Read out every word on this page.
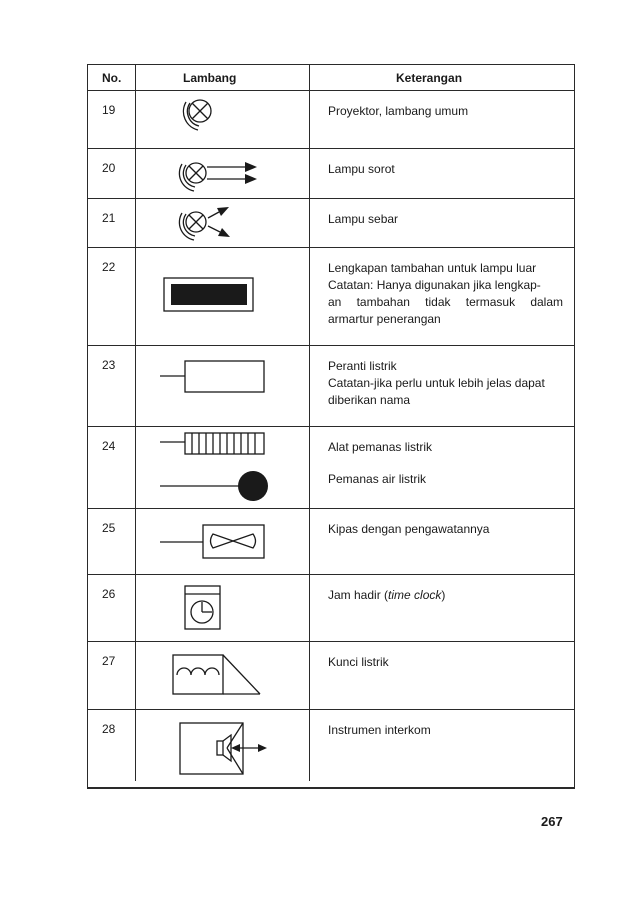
No.	Lambang	Keterangan
19	Proyektor, lambang umum
20	Lampu sorot
21	Lampu sebar
22	Lengkapan tambahan untuk lampu luar
Catatan: Hanya digunakan jika lengkap-
an tambahan tidak termasuk dalam
armartur penerangan
23	Peranti listrik
Catatan-jika perlu untuk lebih jelas dapat
diberikan nama
24	Alat pemanas listrik
Pemanas air listrik
25	Kipas dengan pengawatannya
26	Jam hadir (time clock)
27	Kunci listrik
28	Instrumen interkom
267
